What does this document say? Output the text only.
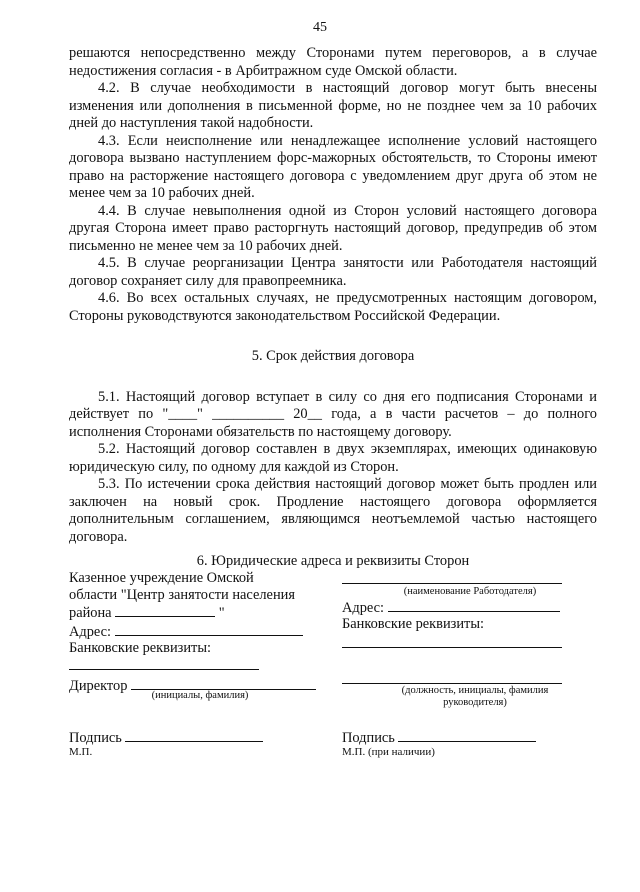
45

решаются непосредственно между Сторонами путем переговоров, а в случае недостижения согласия - в Арбитражном суде Омской области.

4.2. В случае необходимости в настоящий договор могут быть внесены изменения или дополнения в письменной форме, но не позднее чем за 10 рабочих дней до наступления такой надобности.

4.3. Если неисполнение или ненадлежащее исполнение условий настоящего договора вызвано наступлением форс-мажорных обстоятельств, то Стороны имеют право на расторжение настоящего договора с уведомлением друг друга об этом не менее чем за 10 рабочих дней.

4.4. В случае невыполнения одной из Сторон условий настоящего договора другая Сторона имеет право расторгнуть настоящий договор, предупредив об этом письменно не менее чем за 10 рабочих дней.

4.5. В случае реорганизации Центра занятости или Работодателя настоящий договор сохраняет силу для правопреемника.

4.6. Во всех остальных случаях, не предусмотренных настоящим договором, Стороны руководствуются законодательством Российской Федерации.

5. Срок действия договора

5.1. Настоящий договор вступает в силу со дня его подписания Сторонами и действует по "____" __________ 20__ года, а в части расчетов – до полного исполнения Сторонами обязательств по настоящему договору.

5.2. Настоящий договор составлен в двух экземплярах, имеющих одинаковую юридическую силу, по одному для каждой из Сторон.

5.3. По истечении срока действия настоящий договор может быть продлен или заключен на новый срок. Продление настоящего договора оформляется дополнительным соглашением, являющимся неотъемлемой частью настоящего договора.

6. Юридические адреса и реквизиты Сторон

Казенное учреждение Омской
области "Центр занятости населения
района	"
Адрес:
Банковские реквизиты:
Директор
(инициалы, фамилия)
Подпись
М.П.
(наименование Работодателя)
Адрес:
Банковские реквизиты:
(должность, инициалы, фамилия
руководителя)
Подпись
М.П. (при наличии)
